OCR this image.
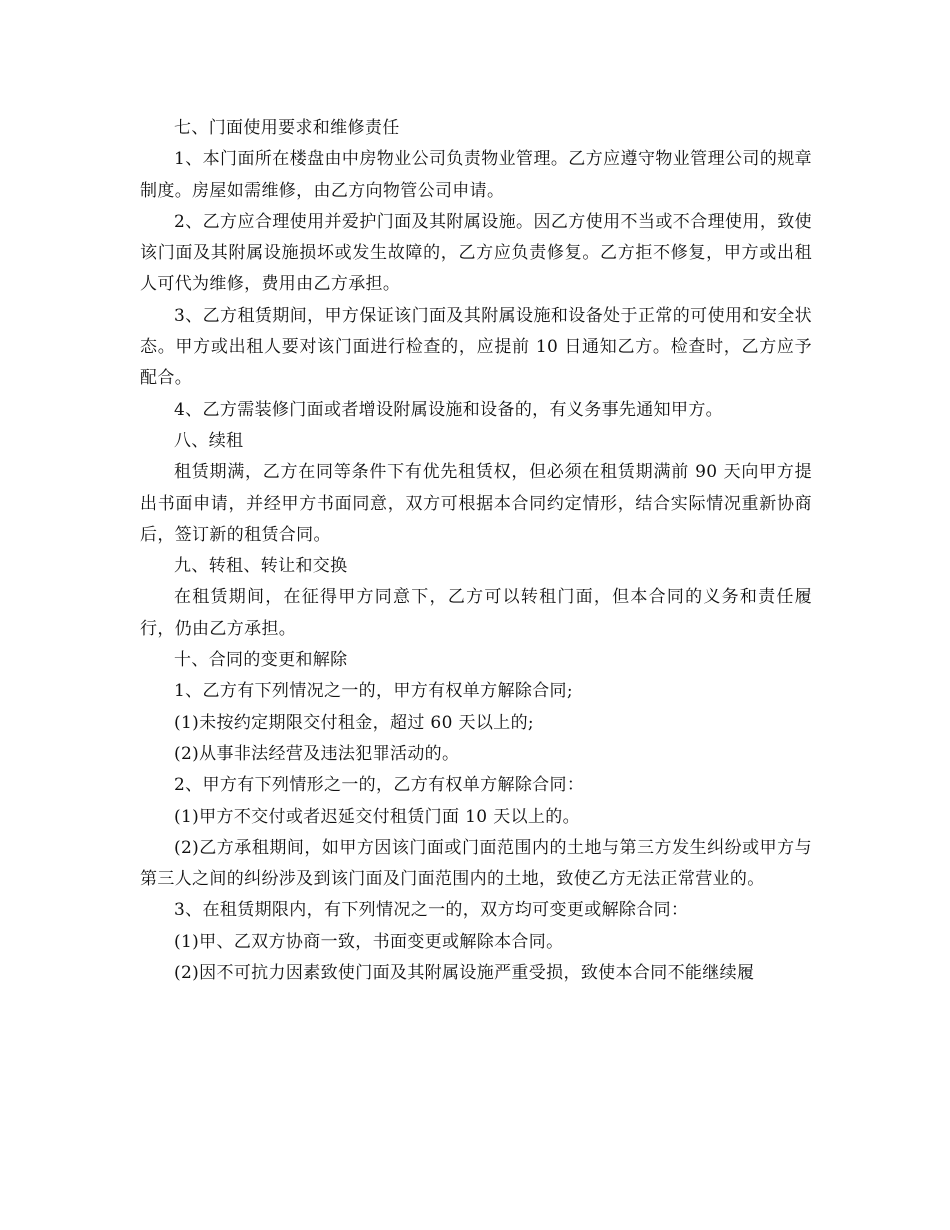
七、门面使用要求和维修责任

1、本门面所在楼盘由中房物业公司负责物业管理。乙方应遵守物业管理公司的规章制度。房屋如需维修，由乙方向物管公司申请。

2、乙方应合理使用并爱护门面及其附属设施。因乙方使用不当或不合理使用，致使该门面及其附属设施损坏或发生故障的，乙方应负责修复。乙方拒不修复，甲方或出租人可代为维修，费用由乙方承担。

3、乙方租赁期间，甲方保证该门面及其附属设施和设备处于正常的可使用和安全状态。甲方或出租人要对该门面进行检查的，应提前 10 日通知乙方。检查时，乙方应予配合。

4、乙方需装修门面或者增设附属设施和设备的，有义务事先通知甲方。

八、续租

租赁期满，乙方在同等条件下有优先租赁权，但必须在租赁期满前 90 天向甲方提出书面申请，并经甲方书面同意，双方可根据本合同约定情形，结合实际情况重新协商后，签订新的租赁合同。

九、转租、转让和交换

在租赁期间，在征得甲方同意下，乙方可以转租门面，但本合同的义务和责任履行，仍由乙方承担。

十、合同的变更和解除

1、乙方有下列情况之一的，甲方有权单方解除合同;

(1)未按约定期限交付租金，超过 60 天以上的;

(2)从事非法经营及违法犯罪活动的。

2、甲方有下列情形之一的，乙方有权单方解除合同：

(1)甲方不交付或者迟延交付租赁门面 10 天以上的。

(2)乙方承租期间，如甲方因该门面或门面范围内的土地与第三方发生纠纷或甲方与第三人之间的纠纷涉及到该门面及门面范围内的土地，致使乙方无法正常营业的。

3、在租赁期限内，有下列情况之一的，双方均可变更或解除合同：

(1)甲、乙双方协商一致，书面变更或解除本合同。

(2)因不可抗力因素致使门面及其附属设施严重受损，致使本合同不能继续履
